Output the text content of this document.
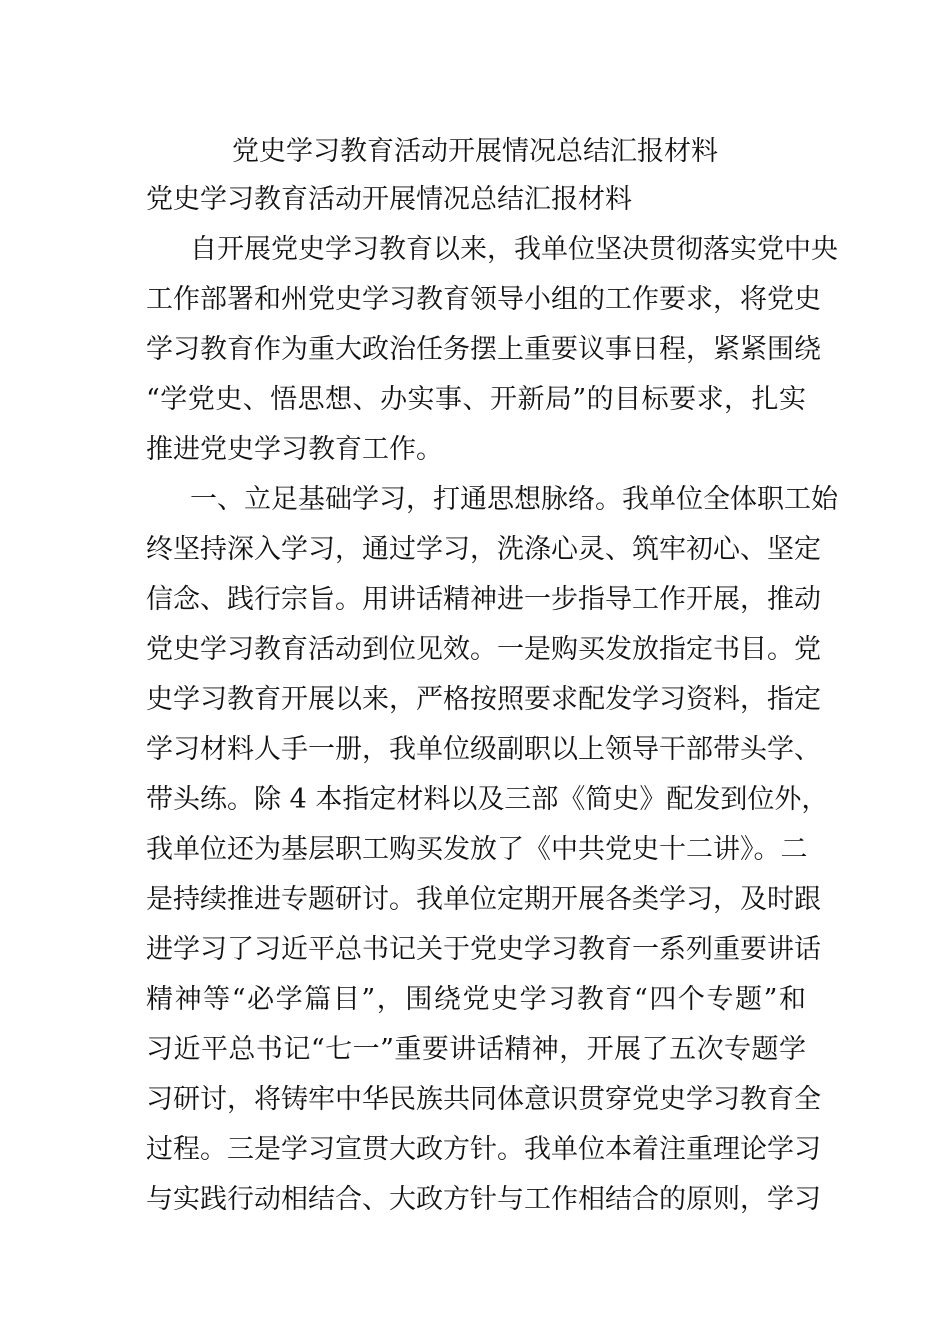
党史学习教育活动开展情况总结汇报材料
党史学习教育活动开展情况总结汇报材料

自开展党史学习教育以来，我单位坚决贯彻落实党中央

工作部署和州党史学习教育领导小组的工作要求，将党史

学习教育作为重大政治任务摆上重要议事日程，紧紧围绕

“学党史、悟思想、办实事、开新局”的目标要求，扎实

推进党史学习教育工作。

一、立足基础学习，打通思想脉络。我单位全体职工始

终坚持深入学习，通过学习，洗涤心灵、筑牢初心、坚定

信念、践行宗旨。用讲话精神进一步指导工作开展，推动

党史学习教育活动到位见效。一是购买发放指定书目。党

史学习教育开展以来，严格按照要求配发学习资料，指定

学习材料人手一册，我单位级副职以上领导干部带头学、

带头练。除 4 本指定材料以及三部《简史》配发到位外，

我单位还为基层职工购买发放了《中共党史十二讲》。二

是持续推进专题研讨。我单位定期开展各类学习，及时跟

进学习了习近平总书记关于党史学习教育一系列重要讲话

精神等“必学篇目”，围绕党史学习教育“四个专题”和

习近平总书记“七一”重要讲话精神，开展了五次专题学

习研讨，将铸牢中华民族共同体意识贯穿党史学习教育全

过程。三是学习宣贯大政方针。我单位本着注重理论学习

与实践行动相结合、大政方针与工作相结合的原则，学习
